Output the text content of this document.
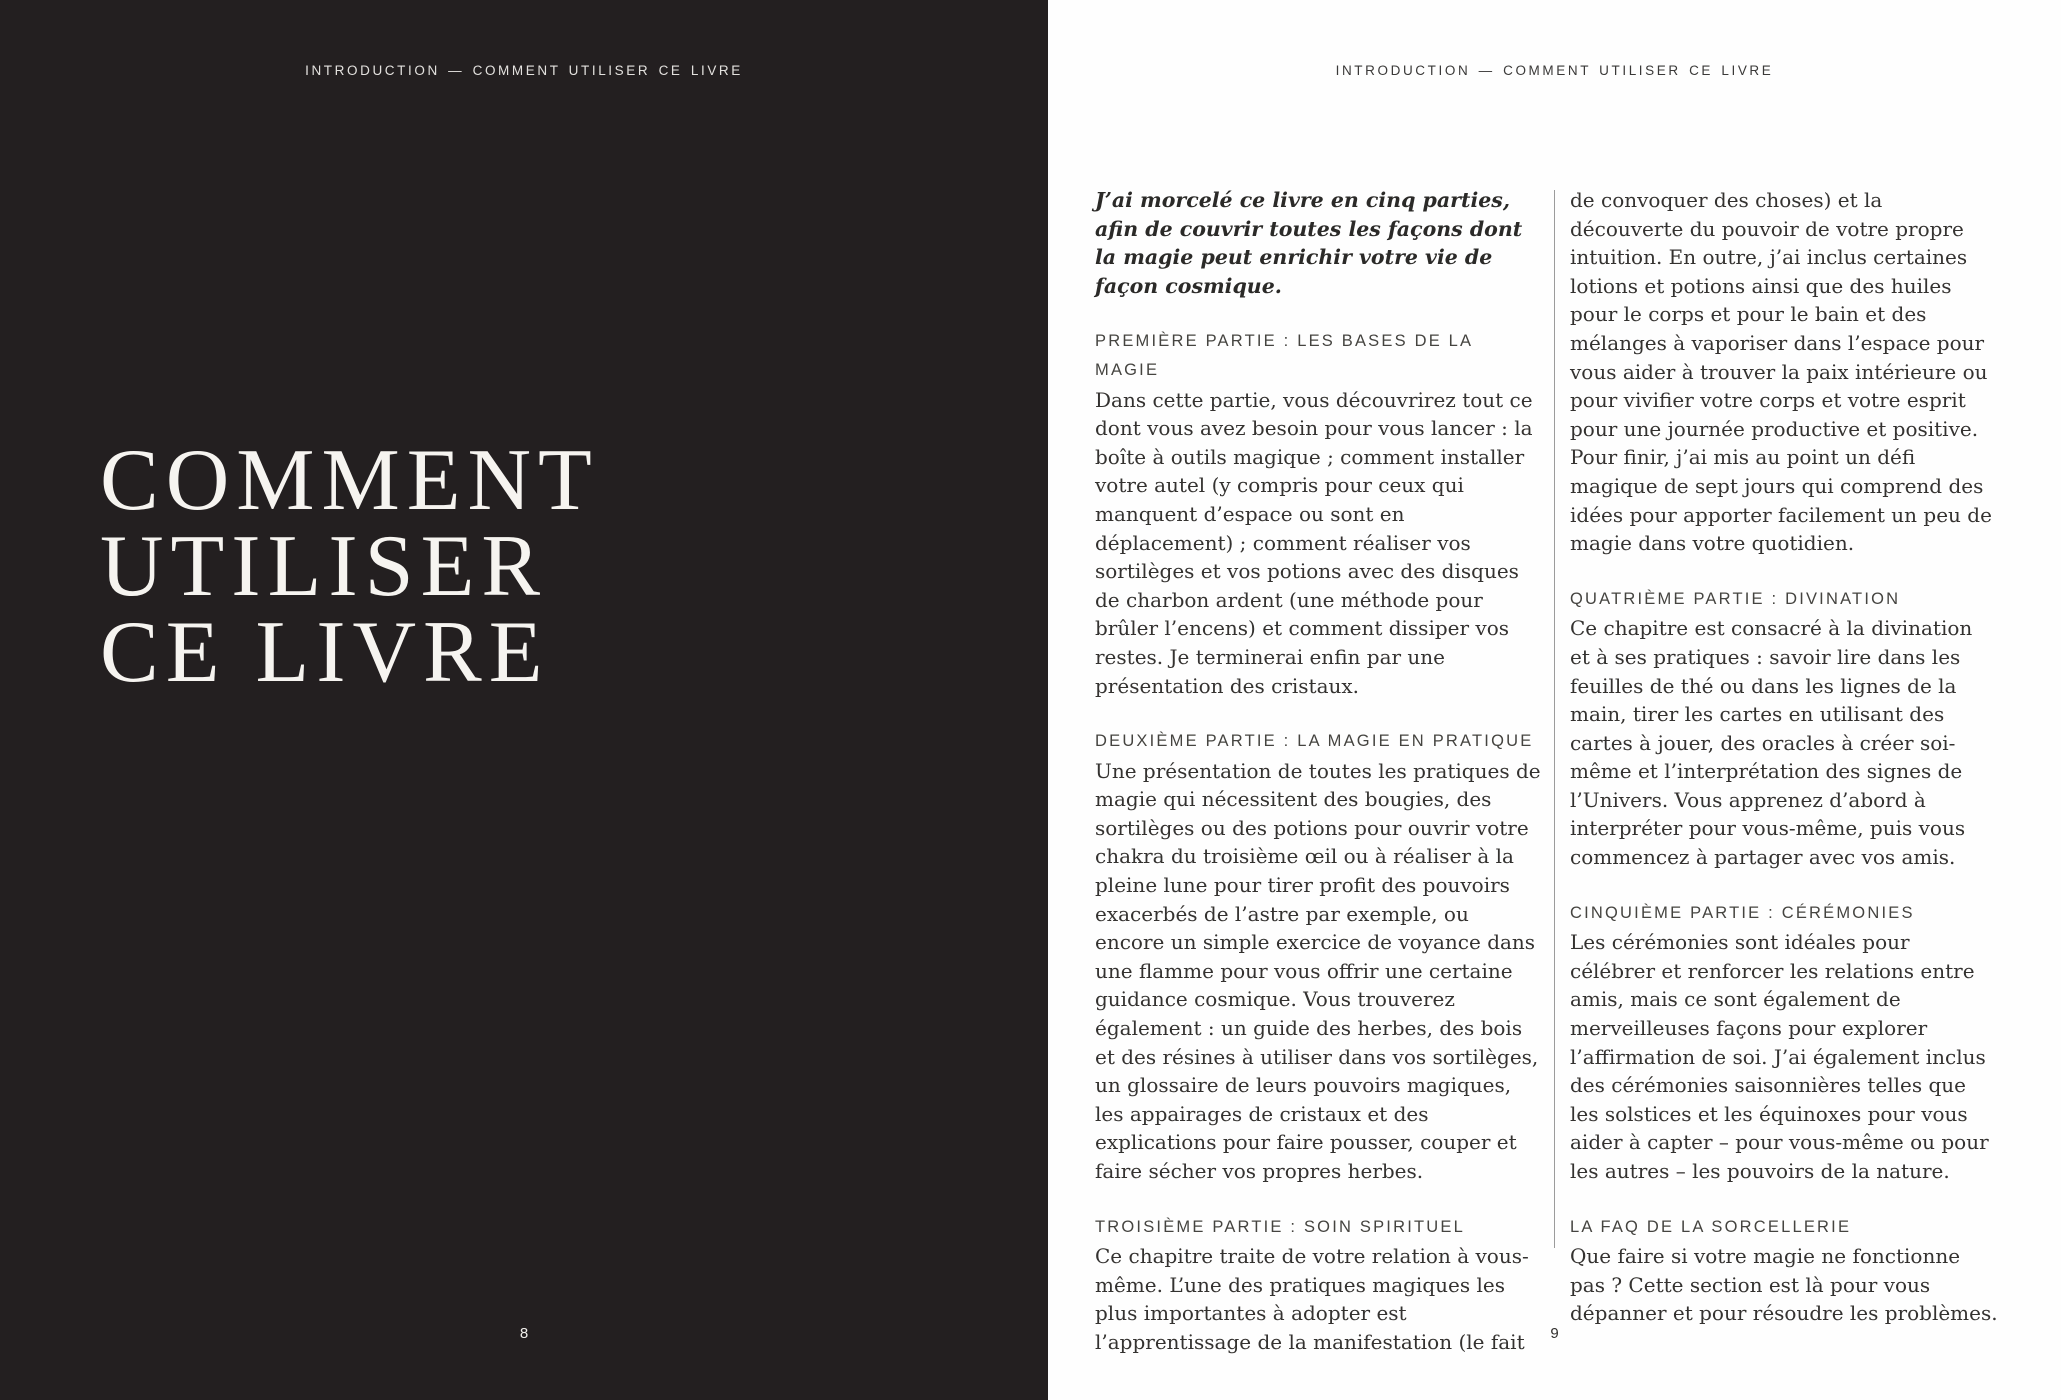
INTRODUCTION — COMMENT UTILISER CE LIVRE
COMMENT
UTILISER
CE LIVRE
8
INTRODUCTION — COMMENT UTILISER CE LIVRE

J’ai morcelé ce livre en cinq parties, afin de couvrir toutes les façons dont la magie peut enrichir votre vie de façon cosmique.

PREMIÈRE PARTIE : LES BASES DE LA MAGIE

Dans cette partie, vous découvrirez tout ce dont vous avez besoin pour vous lancer : la boîte à outils magique ; comment installer votre autel (y compris pour ceux qui manquent d’espace ou sont en déplacement) ; comment réaliser vos sortilèges et vos potions avec des disques de charbon ardent (une méthode pour brûler l’encens) et comment dissiper vos restes. Je terminerai enfin par une présentation des cristaux.

DEUXIÈME PARTIE : LA MAGIE EN PRATIQUE

Une présentation de toutes les pratiques de magie qui nécessitent des bougies, des sortilèges ou des potions pour ouvrir votre chakra du troisième œil ou à réaliser à la pleine lune pour tirer profit des pouvoirs exacerbés de l’astre par exemple, ou encore un simple exercice de voyance dans une flamme pour vous offrir une certaine guidance cosmique. Vous trouverez également : un guide des herbes, des bois et des résines à utiliser dans vos sortilèges, un glossaire de leurs pouvoirs magiques, les appairages de cristaux et des explications pour faire pousser, couper et faire sécher vos propres herbes.

TROISIÈME PARTIE : SOIN SPIRITUEL

Ce chapitre traite de votre relation à vous-même. L’une des pratiques magiques les plus importantes à adopter est l’apprentissage de la manifestation (le fait

de convoquer des choses) et la découverte du pouvoir de votre propre intuition. En outre, j’ai inclus certaines lotions et potions ainsi que des huiles pour le corps et pour le bain et des mélanges à vaporiser dans l’espace pour vous aider à trouver la paix intérieure ou pour vivifier votre corps et votre esprit pour une journée productive et positive. Pour finir, j’ai mis au point un défi magique de sept jours qui comprend des idées pour apporter facilement un peu de magie dans votre quotidien.

QUATRIÈME PARTIE : DIVINATION

Ce chapitre est consacré à la divination et à ses pratiques : savoir lire dans les feuilles de thé ou dans les lignes de la main, tirer les cartes en utilisant des cartes à jouer, des oracles à créer soi-même et l’interprétation des signes de l’Univers. Vous apprenez d’abord à interpréter pour vous-même, puis vous commencez à partager avec vos amis.

CINQUIÈME PARTIE : CÉRÉMONIES

Les cérémonies sont idéales pour célébrer et renforcer les relations entre amis, mais ce sont également de merveilleuses façons pour explorer l’affirmation de soi. J’ai également inclus des cérémonies saisonnières telles que les solstices et les équinoxes pour vous aider à capter – pour vous-même ou pour les autres – les pouvoirs de la nature.

LA FAQ DE LA SORCELLERIE

Que faire si votre magie ne fonctionne pas ? Cette section est là pour vous dépanner et pour résoudre les problèmes.

9
